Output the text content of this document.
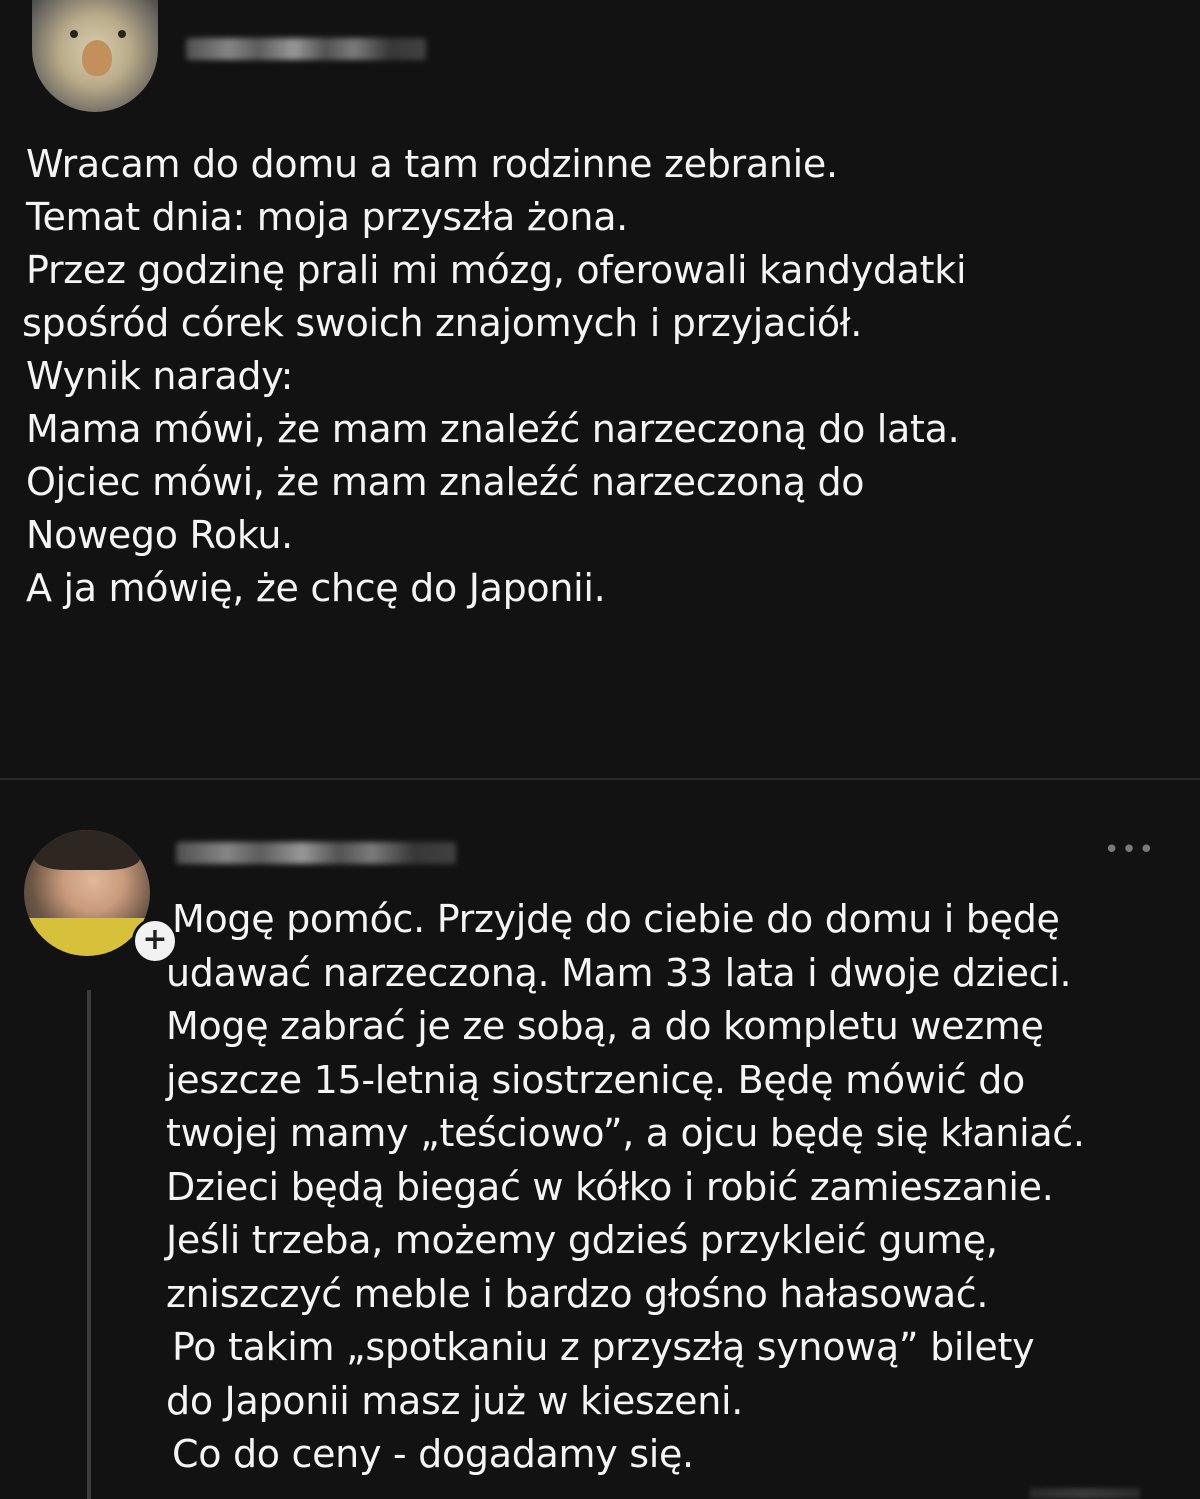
Wracam do domu a tam rodzinne zebranie.
Temat dnia: moja przyszła żona.
Przez godzinę prali mi mózg, oferowali kandydatki
spośród córek swoich znajomych i przyjaciół.
Wynik narady:
Mama mówi, że mam znaleźć narzeczoną do lata.
Ojciec mówi, że mam znaleźć narzeczoną do
Nowego Roku.
A ja mówię, że chcę do Japonii.
+
•••
Mogę pomóc. Przyjdę do ciebie do domu i będę
udawać narzeczoną. Mam 33 lata i dwoje dzieci.
Mogę zabrać je ze sobą, a do kompletu wezmę
jeszcze 15-letnią siostrzenicę. Będę mówić do
twojej mamy „teściowo”, a ojcu będę się kłaniać.
Dzieci będą biegać w kółko i robić zamieszanie.
Jeśli trzeba, możemy gdzieś przykleić gumę,
zniszczyć meble i bardzo głośno hałasować.
Po takim „spotkaniu z przyszłą synową” bilety
do Japonii masz już w kieszeni.
Co do ceny - dogadamy się.
